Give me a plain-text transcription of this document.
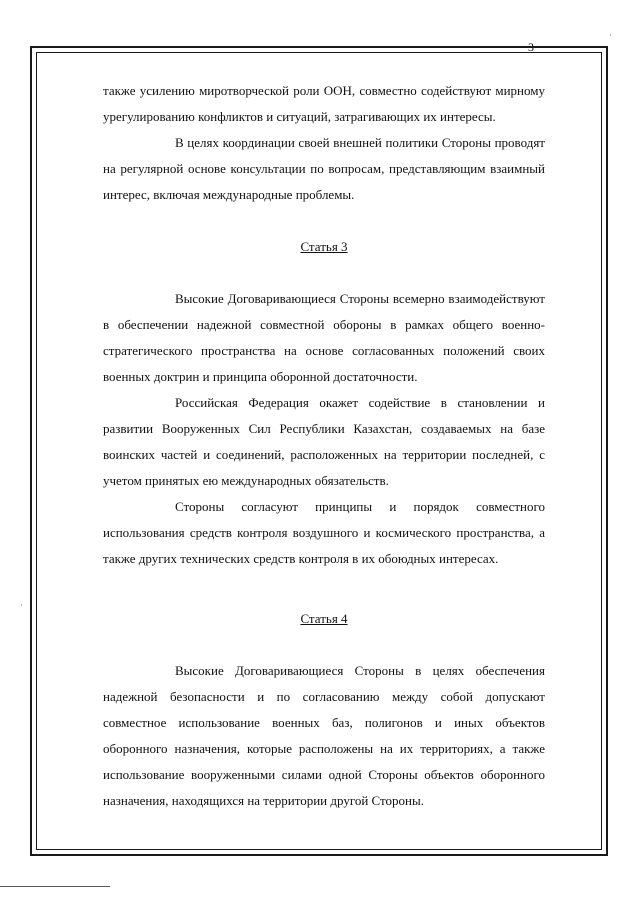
3

также усилению миротворческой роли ООН, совместно содействуют мирному урегулированию конфликтов и ситуаций, затрагивающих их интересы.

В целях координации своей внешней политики Стороны проводят на регулярной основе консультации по вопросам, представляющим взаимный интерес, включая международные проблемы.

Статья 3

Высокие Договаривающиеся Стороны всемерно взаимодействуют в обеспечении надежной совместной обороны в рамках общего военно-стратегического пространства на основе согласованных положений своих военных доктрин и принципа оборонной достаточности.

Российская Федерация окажет содействие в становлении и развитии Вооруженных Сил Республики Казахстан, создаваемых на базе воинских частей и соединений, расположенных на территории последней, с учетом принятых ею международных обязательств.

Стороны согласуют принципы и порядок совместного использования средств контроля воздушного и космического пространства, а также других технических средств контроля в их обоюдных интересах.

Статья 4

Высокие Договаривающиеся Стороны в целях обеспечения надежной безопасности и по согласованию между собой допускают совместное использование военных баз, полигонов и иных объектов оборонного назначения, которые расположены на их территориях, а также использование вооруженными силами одной Стороны объектов оборонного назначения, находящихся на территории другой Стороны.

·
·
